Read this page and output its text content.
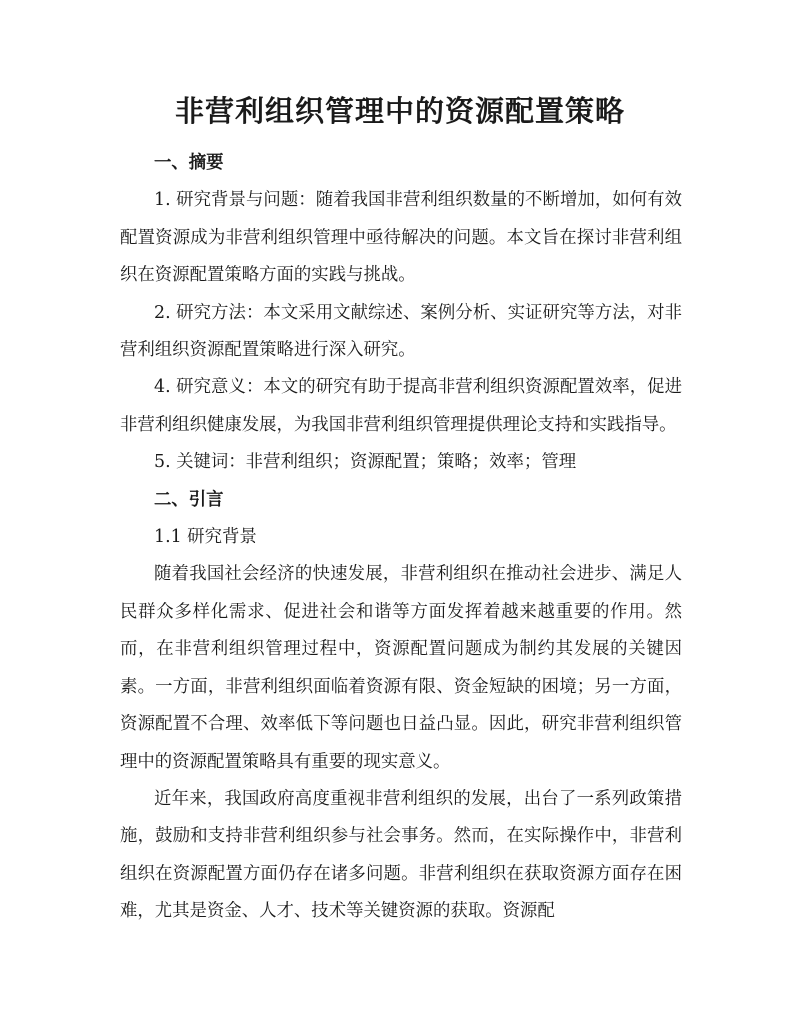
非营利组织管理中的资源配置策略

一、摘要

1. 研究背景与问题：随着我国非营利组织数量的不断增加，如何有效配置资源成为非营利组织管理中亟待解决的问题。本文旨在探讨非营利组织在资源配置策略方面的实践与挑战。

2. 研究方法：本文采用文献综述、案例分析、实证研究等方法，对非营利组织资源配置策略进行深入研究。

4. 研究意义：本文的研究有助于提高非营利组织资源配置效率，促进非营利组织健康发展，为我国非营利组织管理提供理论支持和实践指导。

5. 关键词：非营利组织；资源配置；策略；效率；管理

二、引言

1.1 研究背景

随着我国社会经济的快速发展，非营利组织在推动社会进步、满足人民群众多样化需求、促进社会和谐等方面发挥着越来越重要的作用。然而，在非营利组织管理过程中，资源配置问题成为制约其发展的关键因素。一方面，非营利组织面临着资源有限、资金短缺的困境；另一方面，资源配置不合理、效率低下等问题也日益凸显。因此，研究非营利组织管理中的资源配置策略具有重要的现实意义。

近年来，我国政府高度重视非营利组织的发展，出台了一系列政策措施，鼓励和支持非营利组织参与社会事务。然而，在实际操作中，非营利组织在资源配置方面仍存在诸多问题。非营利组织在获取资源方面存在困难，尤其是资金、人才、技术等关键资源的获取。资源配
